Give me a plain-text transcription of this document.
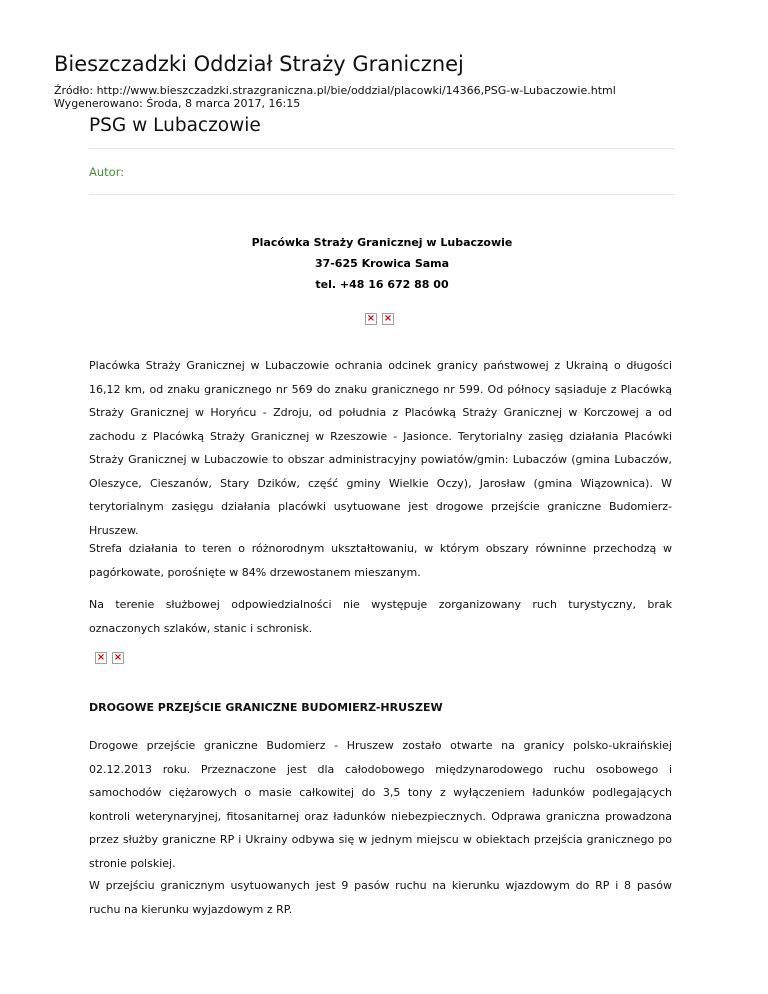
Bieszczadzki Oddział Straży Granicznej
Źródło: http://www.bieszczadzki.strazgraniczna.pl/bie/oddzial/placowki/14366,PSG-w-Lubaczowie.html
Wygenerowano: Środa, 8 marca 2017, 16:15
PSG w Lubaczowie
Autor:
Placówka Straży Granicznej w Lubaczowie
37-625 Krowica Sama
tel. +48 16 672 88 00
× ×

Placówka Straży Granicznej w Lubaczowie ochrania odcinek granicy państwowej z Ukrainą o długości 16,12 km, od znaku granicznego nr 569 do znaku granicznego nr 599. Od północy sąsiaduje z Placówką Straży Granicznej w Horyńcu - Zdroju, od południa z Placówką Straży Granicznej w Korczowej a od zachodu z Placówką Straży Granicznej w Rzeszowie - Jasionce. Terytorialny zasięg działania Placówki Straży Granicznej w Lubaczowie to obszar administracyjny powiatów/gmin: Lubaczów (gmina Lubaczów, Oleszyce, Cieszanów, Stary Dzików, część gminy Wielkie Oczy), Jarosław (gmina Wiązownica). W terytorialnym zasięgu działania placówki usytuowane jest drogowe przejście graniczne Budomierz-Hruszew.

Strefa działania to teren o różnorodnym ukształtowaniu, w którym obszary równinne przechodzą w pagórkowate, porośnięte w 84% drzewostanem mieszanym.

Na terenie służbowej odpowiedzialności nie występuje zorganizowany ruch turystyczny, brak oznaczonych szlaków, stanic i schronisk.

× ×
DROGOWE PRZEJŚCIE GRANICZNE BUDOMIERZ-HRUSZEW

Drogowe przejście graniczne Budomierz - Hruszew zostało otwarte na granicy polsko-ukraińskiej 02.12.2013 roku. Przeznaczone jest dla całodobowego międzynarodowego ruchu osobowego i samochodów ciężarowych o masie całkowitej do 3,5 tony z wyłączeniem ładunków podlegających kontroli weterynaryjnej, fitosanitarnej oraz ładunków niebezpiecznych. Odprawa graniczna prowadzona przez służby graniczne RP i Ukrainy odbywa się w jednym miejscu w obiektach przejścia granicznego po stronie polskiej.

W przejściu granicznym usytuowanych jest 9 pasów ruchu na kierunku wjazdowym do RP i 8 pasów ruchu na kierunku wyjazdowym z RP.
